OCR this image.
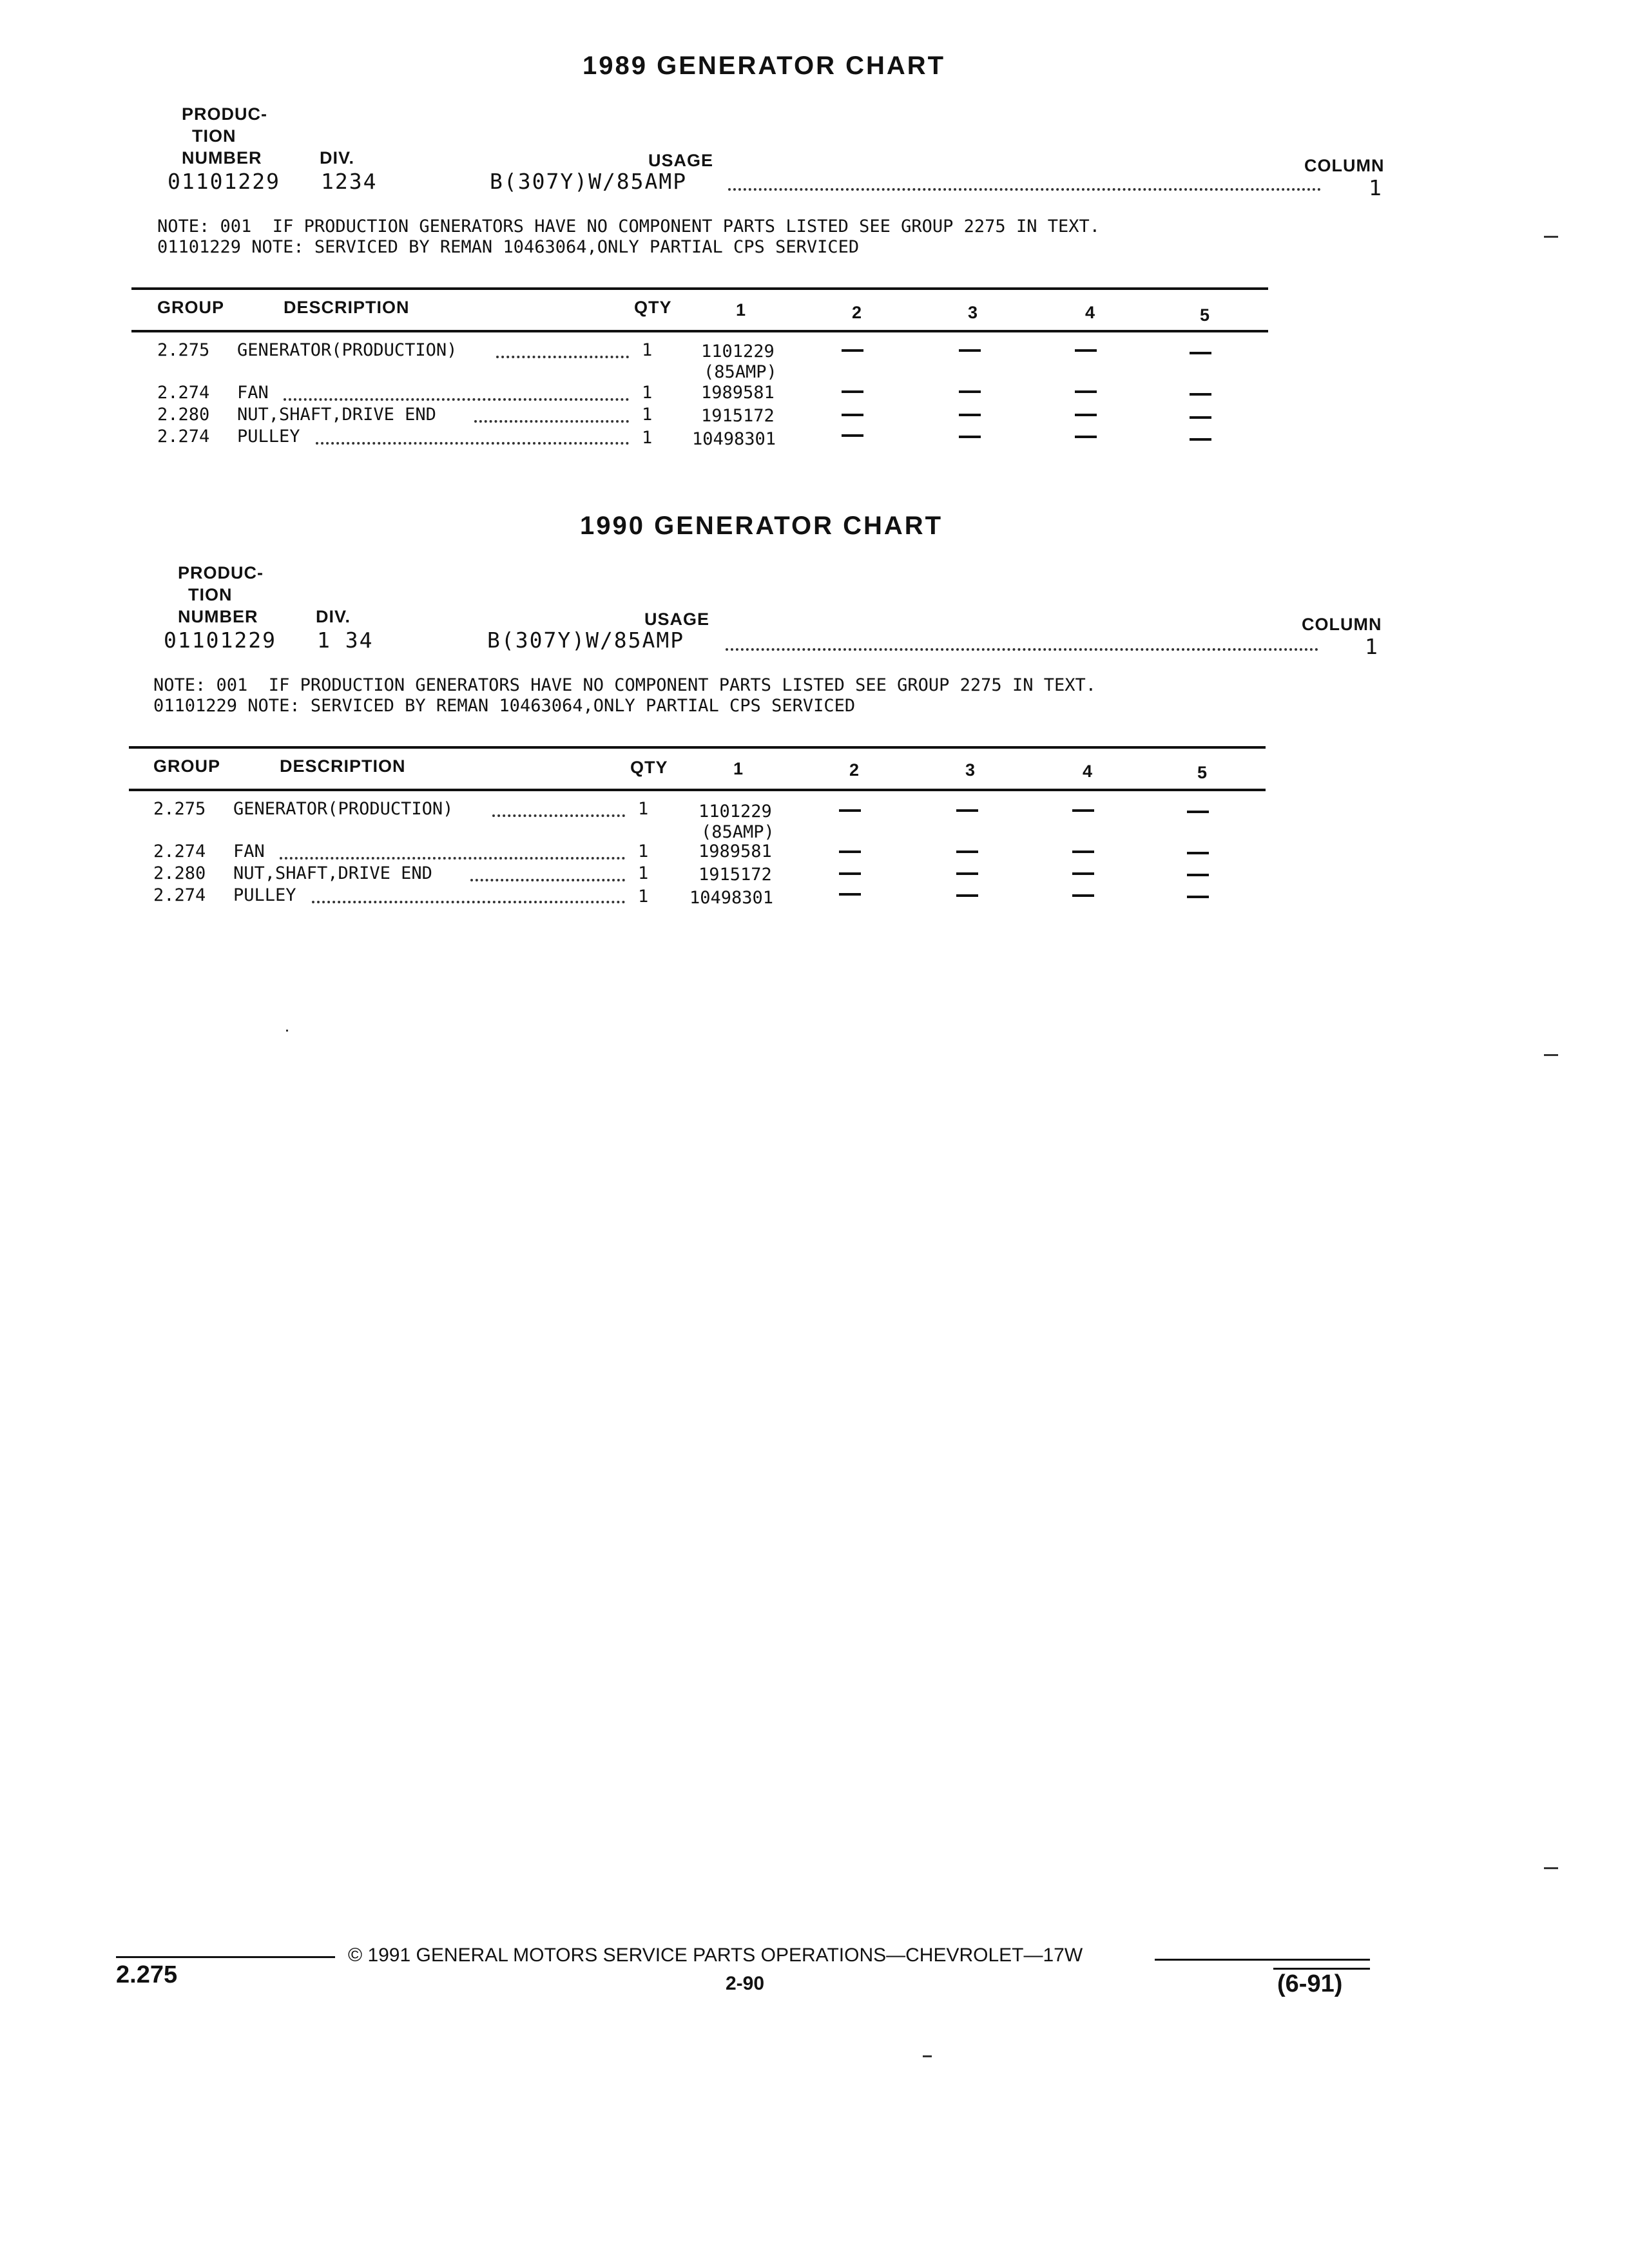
1989 GENERATOR CHART
PRODUC-
TION
NUMBER	DIV.	USAGE	COLUMN
01101229 1234	B(307Y)W/85AMP	1
NOTE: 001  IF PRODUCTION GENERATORS HAVE NO COMPONENT PARTS LISTED SEE GROUP 2275 IN TEXT.
01101229 NOTE: SERVICED BY REMAN 10463064,ONLY PARTIAL CPS SERVICED
GROUP	DESCRIPTION	QTY	1	2	3	4	5
2.275 GENERATOR(PRODUCTION)	1	1101229
(85AMP)
2.274 FAN	1	1989581
2.280 NUT,SHAFT,DRIVE END	1	1915172
2.274 PULLEY	1 10498301
1990 GENERATOR CHART
PRODUC-
TION
NUMBER	DIV.	USAGE	COLUMN
01101229 1 34	B(307Y)W/85AMP	1
NOTE: 001  IF PRODUCTION GENERATORS HAVE NO COMPONENT PARTS LISTED SEE GROUP 2275 IN TEXT.
01101229 NOTE: SERVICED BY REMAN 10463064,ONLY PARTIAL CPS SERVICED
GROUP	DESCRIPTION	QTY	1	2	3	4	5
2.275 GENERATOR(PRODUCTION)	1	1101229
(85AMP)
2.274 FAN	1	1989581
2.280 NUT,SHAFT,DRIVE END	1	1915172
2.274 PULLEY	1 10498301
© 1991 GENERAL MOTORS SERVICE PARTS OPERATIONS—CHEVROLET—17W
2.275	2-90	(6-91)
